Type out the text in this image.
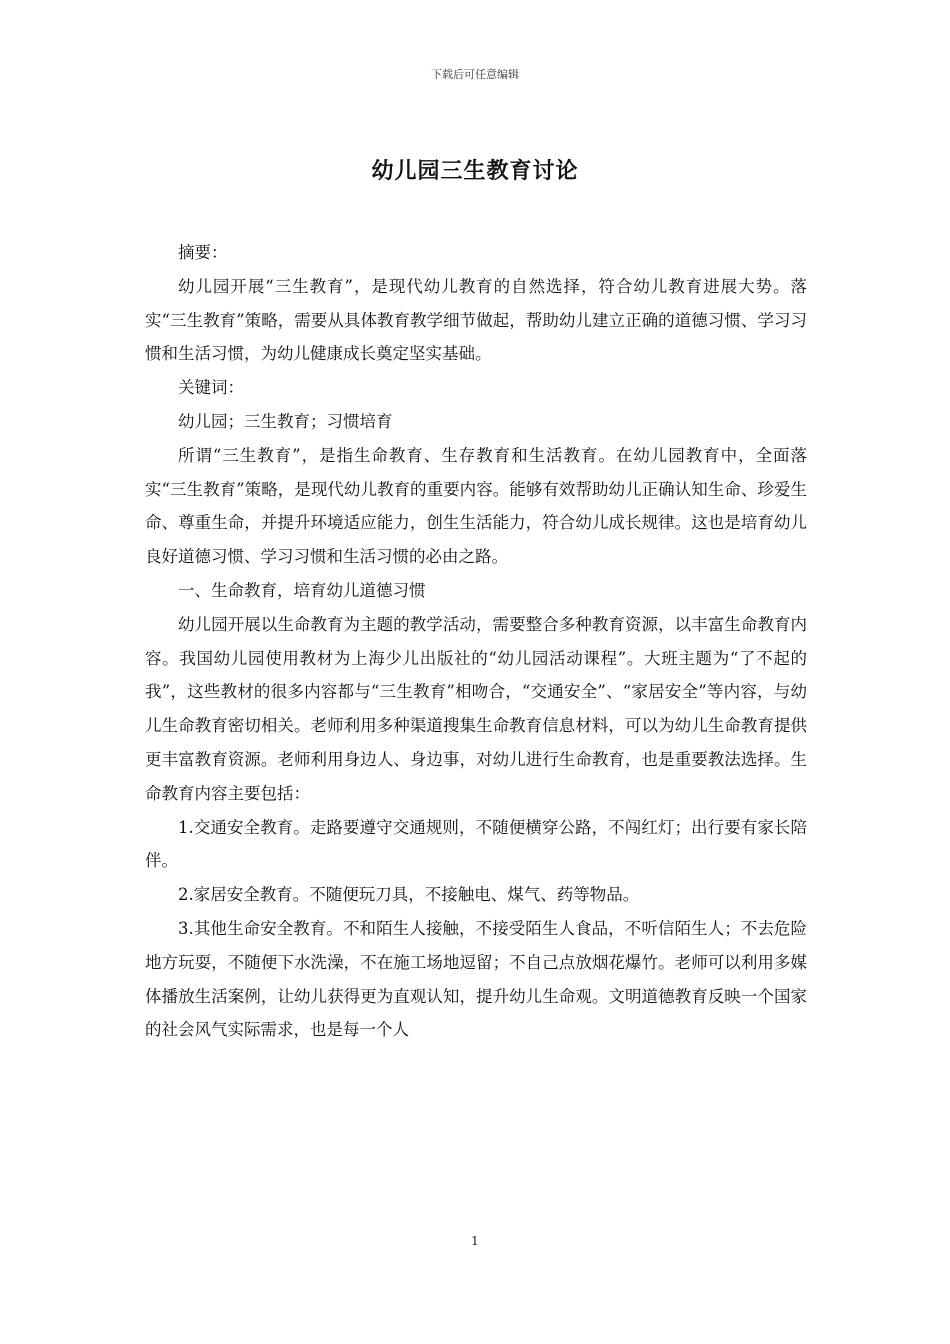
下载后可任意编辑
幼儿园三生教育讨论

摘要：

幼儿园开展“三生教育”，是现代幼儿教育的自然选择，符合幼儿教育进展大势。落实“三生教育”策略，需要从具体教育教学细节做起，帮助幼儿建立正确的道德习惯、学习习惯和生活习惯，为幼儿健康成长奠定坚实基础。

关键词：

幼儿园；三生教育；习惯培育

所谓“三生教育”，是指生命教育、生存教育和生活教育。在幼儿园教育中，全面落实“三生教育”策略，是现代幼儿教育的重要内容。能够有效帮助幼儿正确认知生命、珍爱生命、尊重生命，并提升环境适应能力，创生生活能力，符合幼儿成长规律。这也是培育幼儿良好道德习惯、学习习惯和生活习惯的必由之路。

一、生命教育，培育幼儿道德习惯

幼儿园开展以生命教育为主题的教学活动，需要整合多种教育资源，以丰富生命教育内容。我国幼儿园使用教材为上海少儿出版社的“幼儿园活动课程”。大班主题为“了不起的我”，这些教材的很多内容都与“三生教育”相吻合，“交通安全”、“家居安全”等内容，与幼儿生命教育密切相关。老师利用多种渠道搜集生命教育信息材料，可以为幼儿生命教育提供更丰富教育资源。老师利用身边人、身边事，对幼儿进行生命教育，也是重要教法选择。生命教育内容主要包括：

1.交通安全教育。走路要遵守交通规则，不随便横穿公路，不闯红灯；出行要有家长陪伴。

2.家居安全教育。不随便玩刀具，不接触电、煤气、药等物品。

3.其他生命安全教育。不和陌生人接触，不接受陌生人食品，不听信陌生人；不去危险地方玩耍，不随便下水洗澡，不在施工场地逗留；不自己点放烟花爆竹。老师可以利用多媒体播放生活案例，让幼儿获得更为直观认知，提升幼儿生命观。文明道德教育反映一个国家的社会风气实际需求，也是每一个人

1
